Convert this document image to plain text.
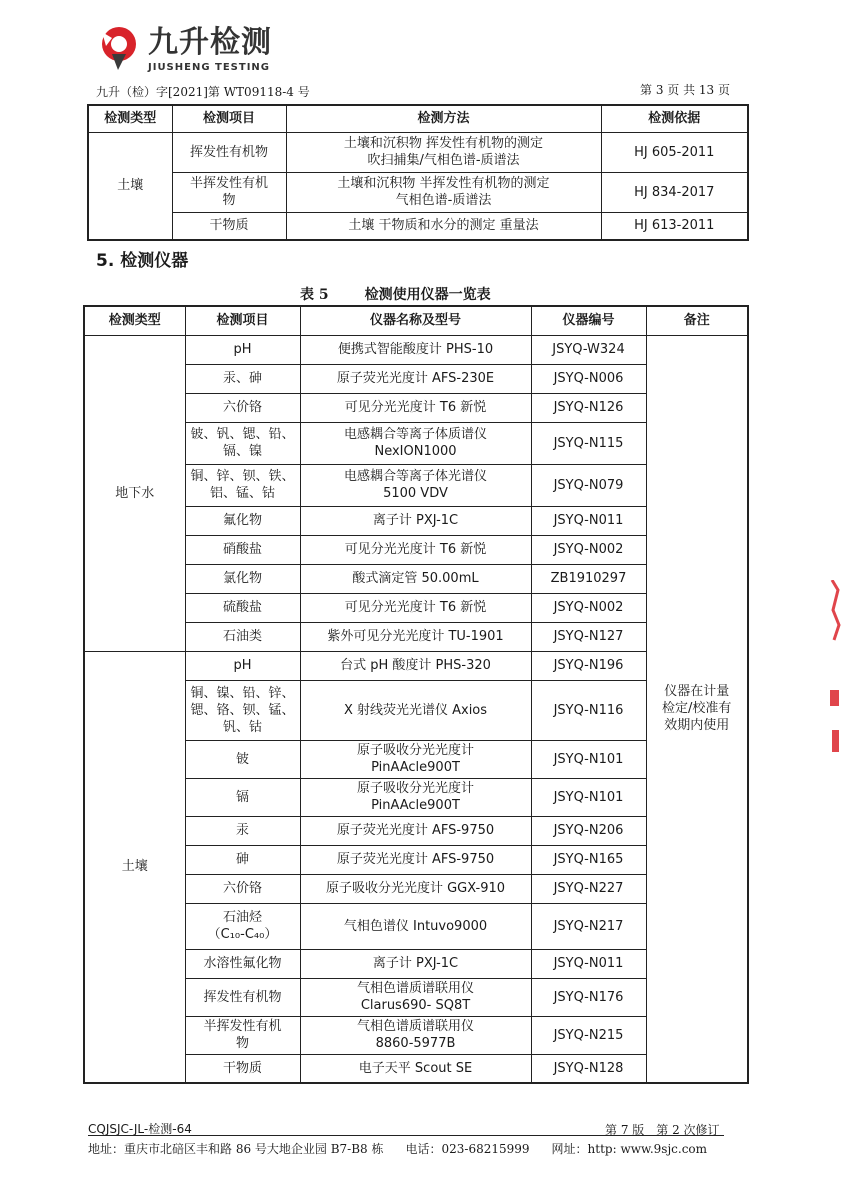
九升检测
JIUSHENG TESTING
九升（检）字[2021]第 WT09118-4 号	第 3 页 共 13 页
检测类型	检测项目	检测方法	检测依据
土壤	挥发性有机物	土壤和沉积物 挥发性有机物的测定
吹扫捕集/气相色谱-质谱法	HJ 605-2011
	半挥发性有机
物	土壤和沉积物 半挥发性有机物的测定
气相色谱-质谱法	HJ 834-2017
	干物质	土壤 干物质和水分的测定 重量法	HJ 613-2011
5. 检测仪器
表 5	检测使用仪器一览表
检测类型	检测项目	仪器名称及型号	仪器编号	备注
地下水	pH	便携式智能酸度计 PHS-10	JSYQ-W324	仪器在计量
检定/校准有
效期内使用
	汞、砷	原子荧光光度计 AFS-230E	JSYQ-N006	
	六价铬	可见分光光度计 T6 新悦	JSYQ-N126	
	铍、钒、锶、铅、
镉、镍	电感耦合等离子体质谱仪
NexION1000	JSYQ-N115	
	铜、锌、钡、铁、
铝、锰、钴	电感耦合等离子体光谱仪
5100 VDV	JSYQ-N079	
	氟化物	离子计 PXJ-1C	JSYQ-N011	
	硝酸盐	可见分光光度计 T6 新悦	JSYQ-N002	
	氯化物	酸式滴定管 50.00mL	ZB1910297	
	硫酸盐	可见分光光度计 T6 新悦	JSYQ-N002	
	石油类	紫外可见分光光度计 TU-1901	JSYQ-N127	
土壤	pH	台式 pH 酸度计 PHS-320	JSYQ-N196	
	铜、镍、铅、锌、
锶、铬、钡、锰、
钒、钴	X 射线荧光光谱仪 Axios	JSYQ-N116	
	铍	原子吸收分光光度计
PinAAcle900T	JSYQ-N101	
	镉	原子吸收分光光度计
PinAAcle900T	JSYQ-N101	
	汞	原子荧光光度计 AFS-9750	JSYQ-N206	
	砷	原子荧光光度计 AFS-9750	JSYQ-N165	
	六价铬	原子吸收分光光度计 GGX-910	JSYQ-N227	
	石油烃
（C₁₀-C₄₀）	气相色谱仪 Intuvo9000	JSYQ-N217	
	水溶性氟化物	离子计 PXJ-1C	JSYQ-N011	
	挥发性有机物	气相色谱质谱联用仪
Clarus690- SQ8T	JSYQ-N176	
	半挥发性有机
物	气相色谱质谱联用仪
8860-5977B	JSYQ-N215	
	干物质	电子天平 Scout SE	JSYQ-N128	
CQJSJC-JL-检测-64	第 7 版　第 2 次修订
地址：重庆市北碚区丰和路 86 号大地企业园 B7-B8 栋 电话：023-68215999 网址：http: www.9sjc.com
